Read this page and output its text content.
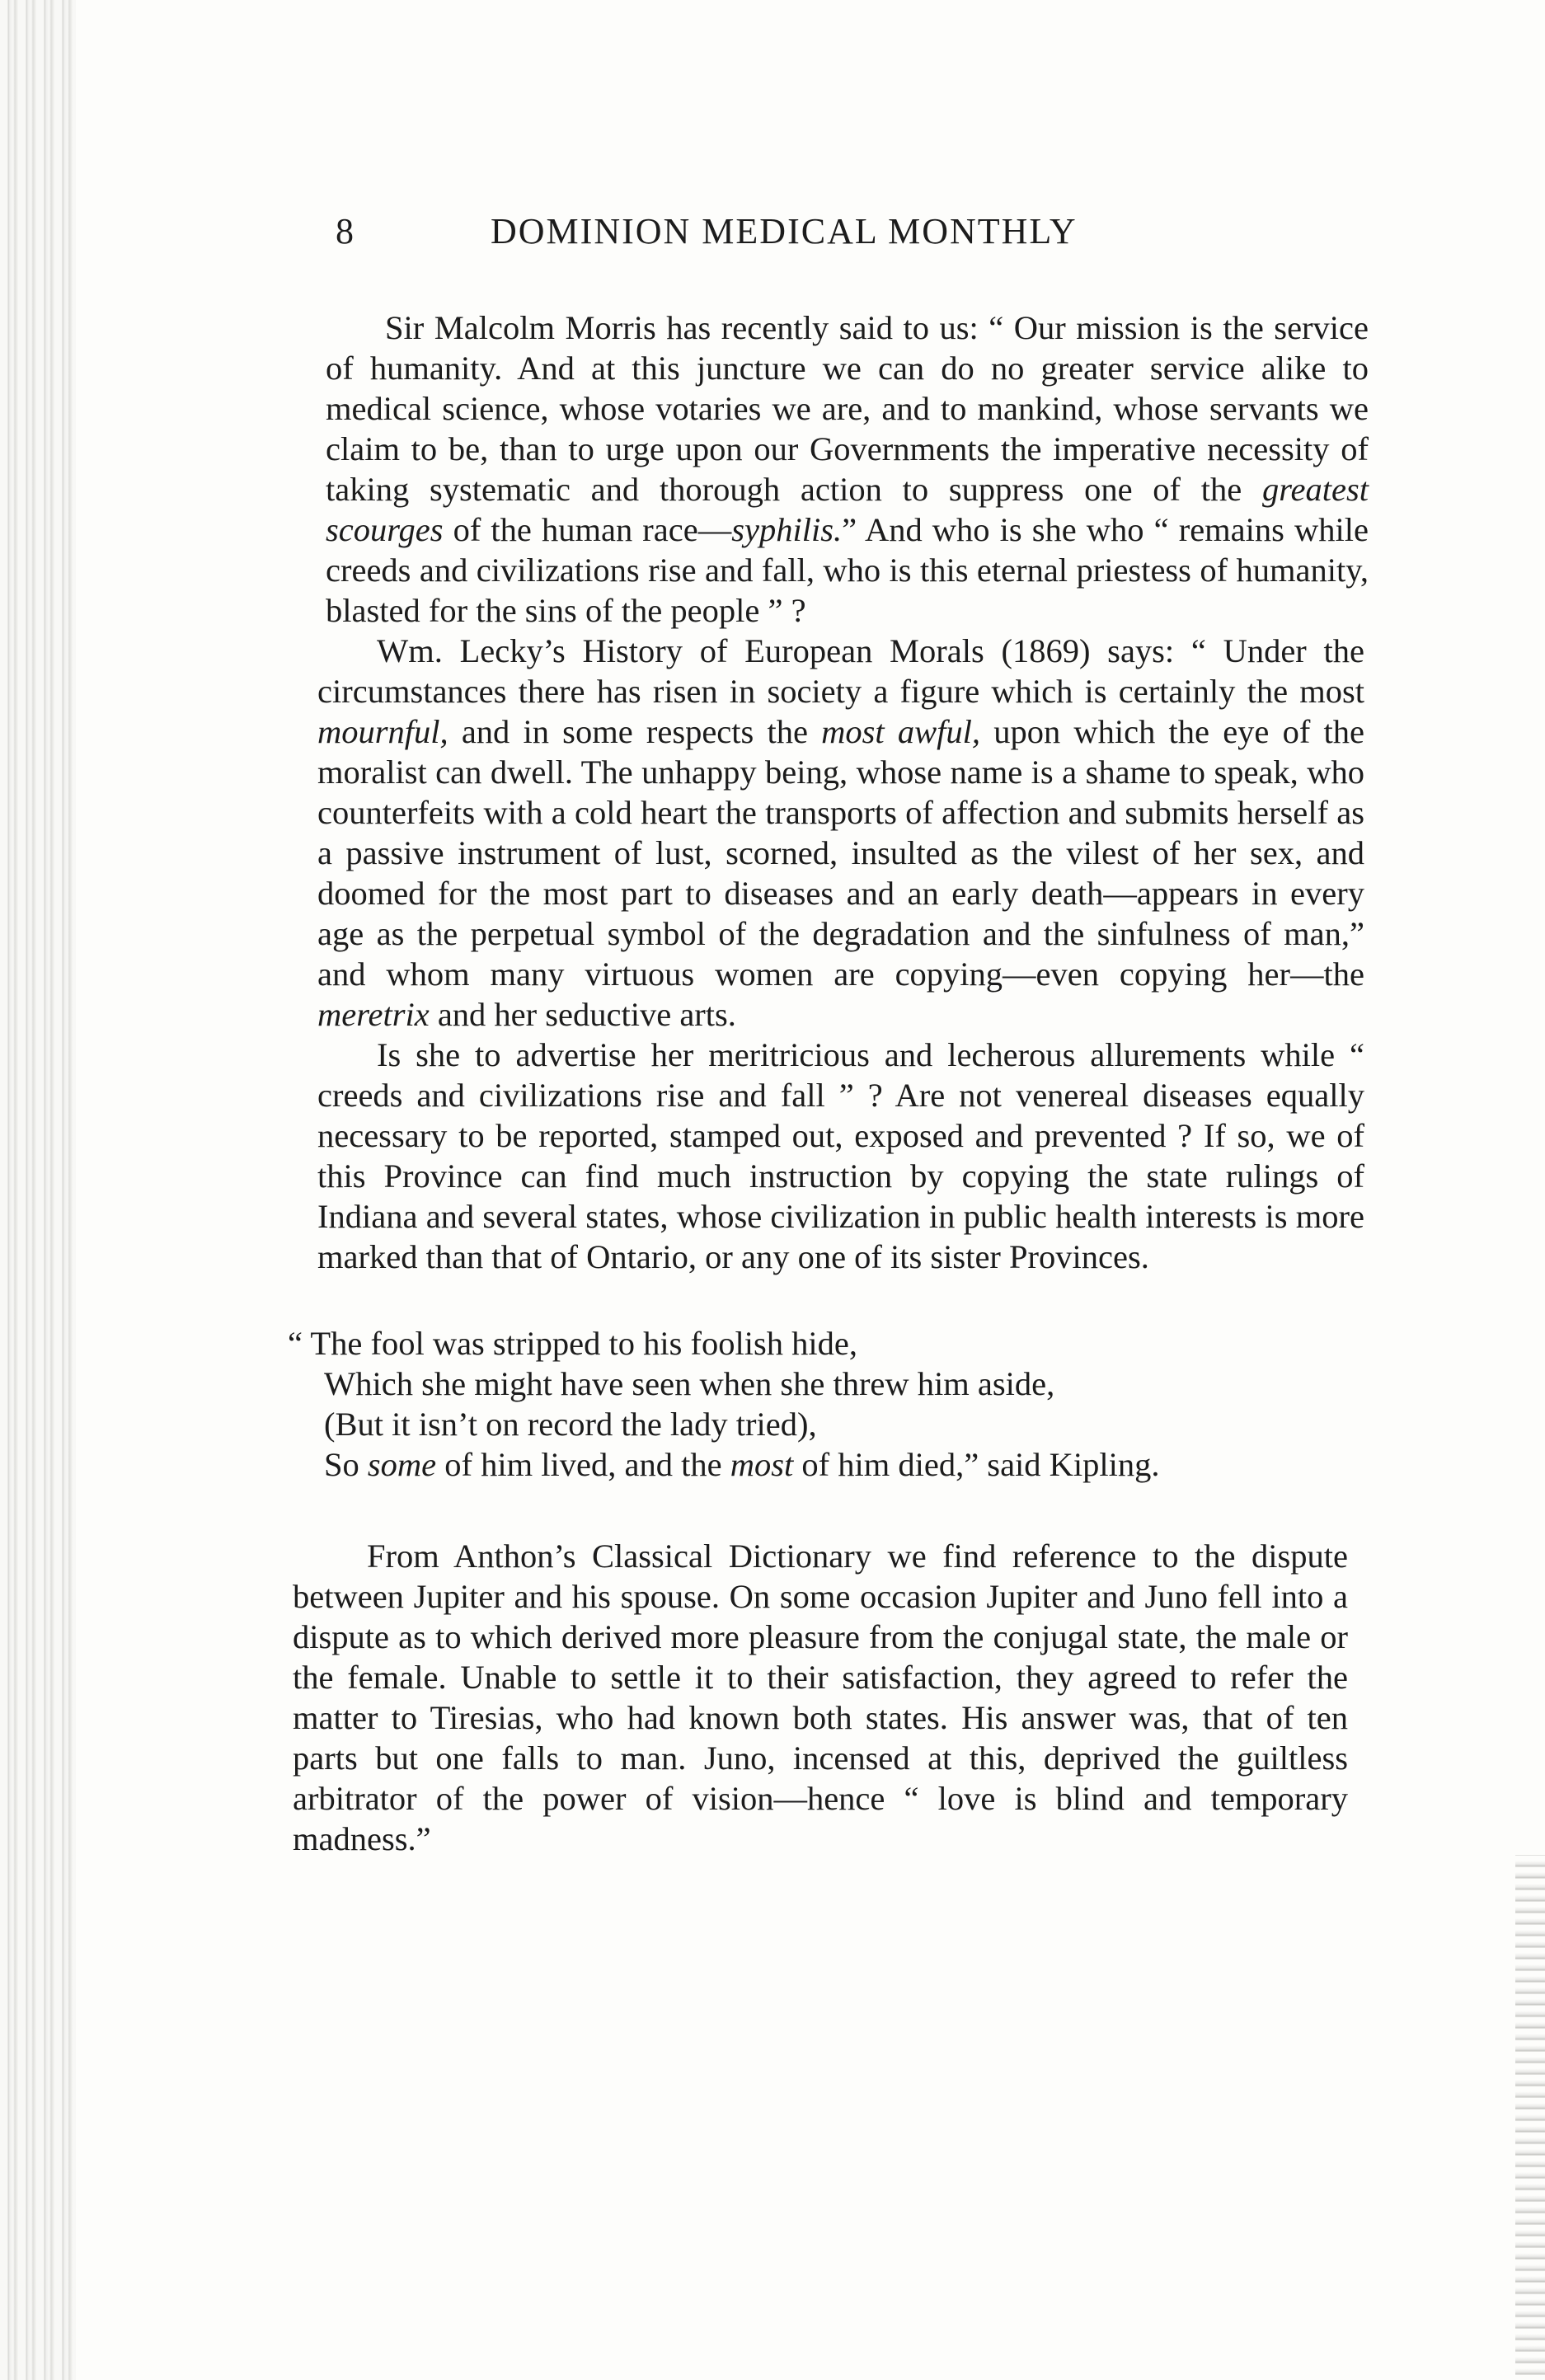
8	DOMINION MEDICAL MONTHLY

Sir Malcolm Morris has recently said to us: “ Our mission is the service of humanity. And at this juncture we can do no greater service alike to medical science, whose votaries we are, and to mankind, whose servants we claim to be, than to urge upon our Governments the imperative necessity of taking systematic and thorough action to suppress one of the greatest scourges of the human race—syphilis.” And who is she who “ remains while creeds and civilizations rise and fall, who is this eternal priestess of humanity, blasted for the sins of the people ” ?

Wm. Lecky’s History of European Morals (1869) says: “ Under the circumstances there has risen in society a figure which is certainly the most mournful, and in some respects the most awful, upon which the eye of the moralist can dwell. The unhappy being, whose name is a shame to speak, who counterfeits with a cold heart the transports of affection and submits herself as a passive instrument of lust, scorned, insulted as the vilest of her sex, and doomed for the most part to diseases and an early death—appears in every age as the perpetual symbol of the degradation and the sinfulness of man,” and whom many virtuous women are copying—even copying her—the meretrix and her seductive arts.

Is she to advertise her meritricious and lecherous allurements while “ creeds and civilizations rise and fall ” ? Are not venereal diseases equally necessary to be reported, stamped out, exposed and prevented ? If so, we of this Province can find much instruction by copying the state rulings of Indiana and several states, whose civilization in public health interests is more marked than that of Ontario, or any one of its sister Provinces.

“ The fool was stripped to his foolish hide,
Which she might have seen when she threw him aside,
(But it isn’t on record the lady tried),
So some of him lived, and the most of him died,” said Kipling.

From Anthon’s Classical Dictionary we find reference to the dispute between Jupiter and his spouse. On some occasion Jupiter and Juno fell into a dispute as to which derived more pleasure from the conjugal state, the male or the female. Unable to settle it to their satisfaction, they agreed to refer the matter to Tiresias, who had known both states. His answer was, that of ten parts but one falls to man. Juno, incensed at this, deprived the guiltless arbitrator of the power of vision—hence “ love is blind and temporary madness.”
